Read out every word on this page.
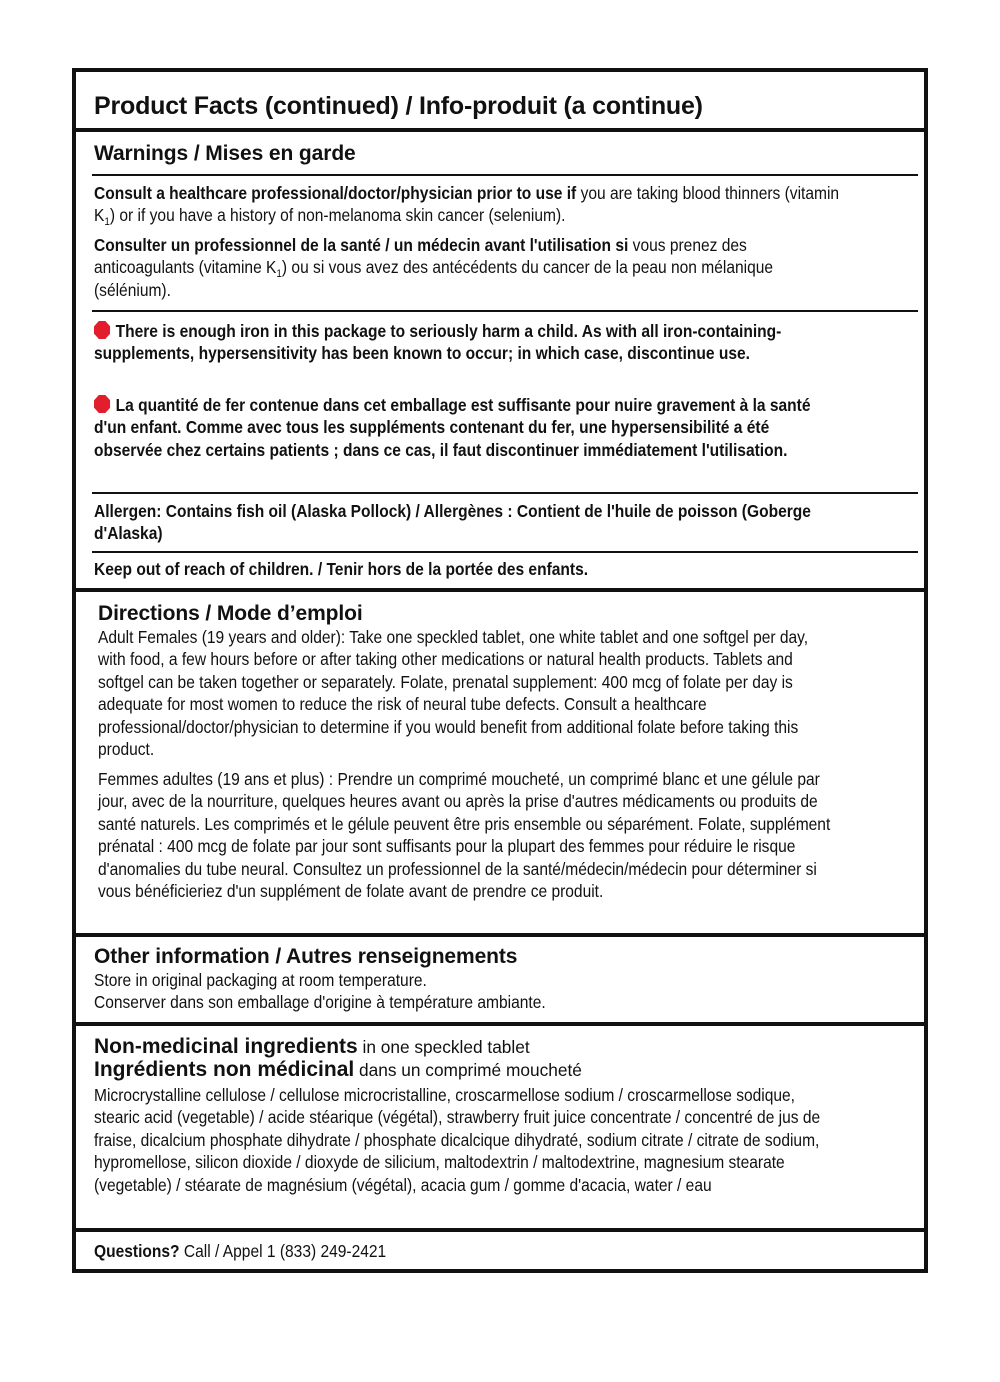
Product Facts (continued) / Info-produit (a continue)
Warnings / Mises en garde
Consult a healthcare professional/doctor/physician prior to use if you are taking blood thinners (vitamin $K_1$) or if you have a history of non-melanoma skin cancer (selenium).
Consulter un professionnel de la santé / un médecin avant l'utilisation si vous prenez des anticoagulants (vitamine $K_1$) ou si vous avez des antécédents du cancer de la peau non mélanique (sélénium).
There is enough iron in this package to seriously harm a child. As with all iron-containing-supplements, hypersensitivity has been known to occur; in which case, discontinue use.
La quantité de fer contenue dans cet emballage est suffisante pour nuire gravement à la santé d'un enfant. Comme avec tous les suppléments contenant du fer, une hypersensibilité a été observée chez certains patients ; dans ce cas, il faut discontinuer immédiatement l'utilisation.
Allergen: Contains fish oil (Alaska Pollock) / Allergènes : Contient de l'huile de poisson (Goberge d'Alaska)
Keep out of reach of children. / Tenir hors de la portée des enfants.
Directions / Mode d’emploi
Adult Females (19 years and older): Take one speckled tablet, one white tablet and one softgel per day, with food, a few hours before or after taking other medications or natural health products. Tablets and softgel can be taken together or separately. Folate, prenatal supplement: 400 mcg of folate per day is adequate for most women to reduce the risk of neural tube defects. Consult a healthcare professional/doctor/physician to determine if you would benefit from additional folate before taking this product.
Femmes adultes (19 ans et plus) : Prendre un comprimé moucheté, un comprimé blanc et une gélule par jour, avec de la nourriture, quelques heures avant ou après la prise d'autres médicaments ou produits de santé naturels. Les comprimés et le gélule peuvent être pris ensemble ou séparément. Folate, supplément prénatal : 400 mcg de folate par jour sont suffisants pour la plupart des femmes pour réduire le risque d'anomalies du tube neural. Consultez un professionnel de la santé/médecin/médecin pour déterminer si vous bénéficieriez d'un supplément de folate avant de prendre ce produit.
Other information / Autres renseignements
Store in original packaging at room temperature.
Conserver dans son emballage d'origine à température ambiante.
Non-medicinal ingredients in one speckled tablet
Ingrédients non médicinal dans un comprimé moucheté
Microcrystalline cellulose / cellulose microcristalline, croscarmellose sodium / croscarmellose sodique, stearic acid (vegetable) / acide stéarique (végétal), strawberry fruit juice concentrate / concentré de jus de fraise, dicalcium phosphate dihydrate / phosphate dicalcique dihydraté, sodium citrate / citrate de sodium, hypromellose, silicon dioxide / dioxyde de silicium, maltodextrin / maltodextrine, magnesium stearate (vegetable) / stéarate de magnésium (végétal), acacia gum / gomme d'acacia, water / eau
Questions? Call / Appel 1 (833) 249-2421
